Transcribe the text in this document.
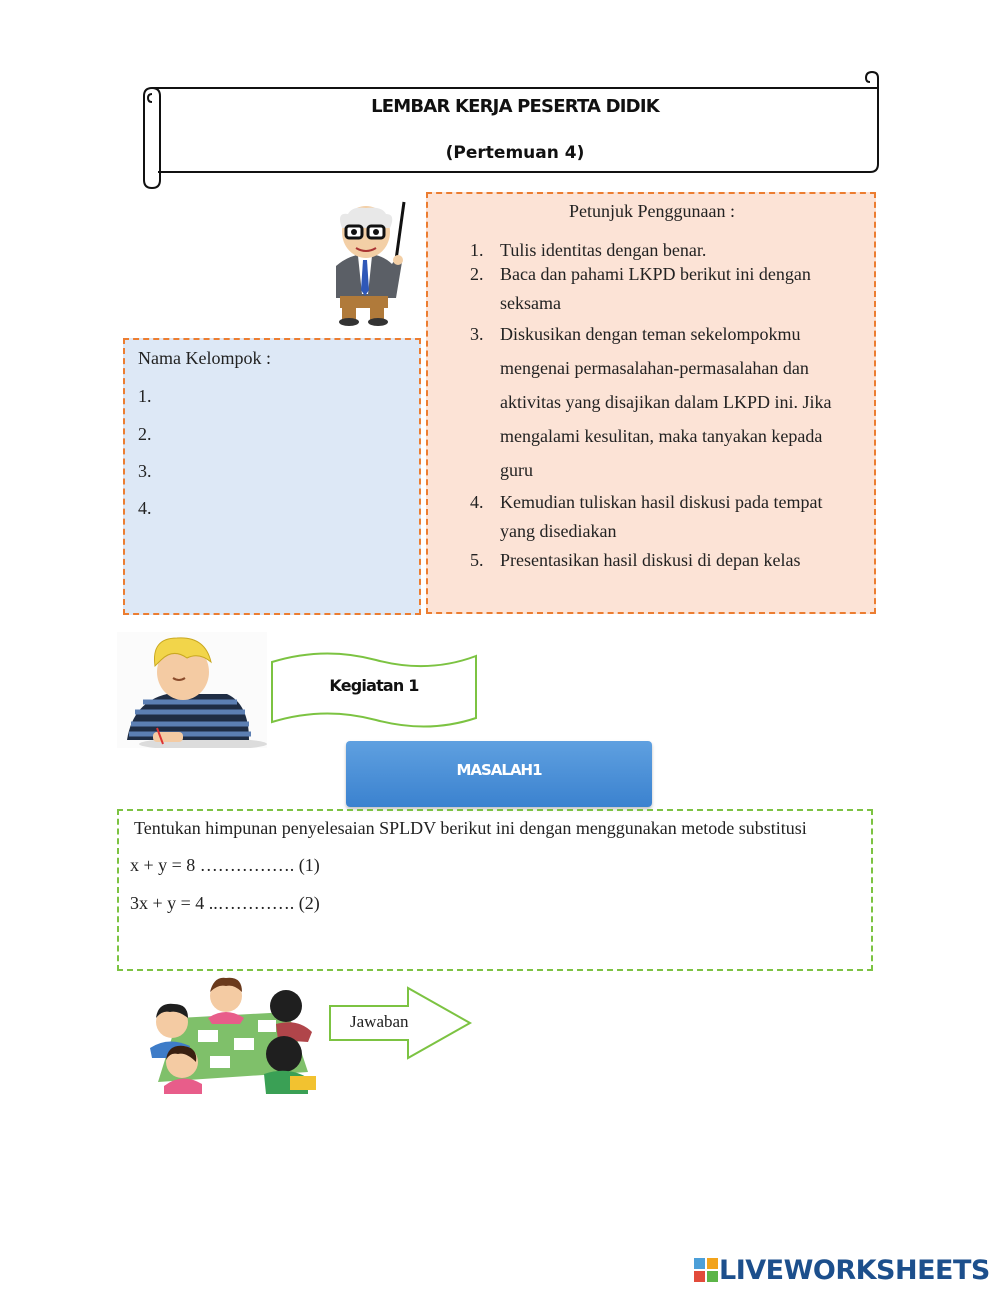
LEMBAR KERJA PESERTA DIDIK
(Pertemuan 4)
Petunjuk Penggunaan :
1. Tulis identitas dengan benar.
2. Baca dan pahami LKPD berikut ini dengan
seksama
3. Diskusikan dengan teman sekelompokmu
mengenai permasalahan-permasalahan dan
aktivitas yang disajikan dalam LKPD ini. Jika
mengalami kesulitan, maka tanyakan kepada
guru
4. Kemudian tuliskan hasil diskusi pada tempat
yang disediakan
5. Presentasikan hasil diskusi di depan kelas
Nama Kelompok :
1.
2.
3.
4.
Kegiatan 1
MASALAH1
Tentukan himpunan penyelesaian SPLDV berikut ini dengan menggunakan metode substitusi
x + y = 8 ……………. (1)
3x + y = 4 ..…………. (2)
Jawaban
LIVEWORKSHEETS
